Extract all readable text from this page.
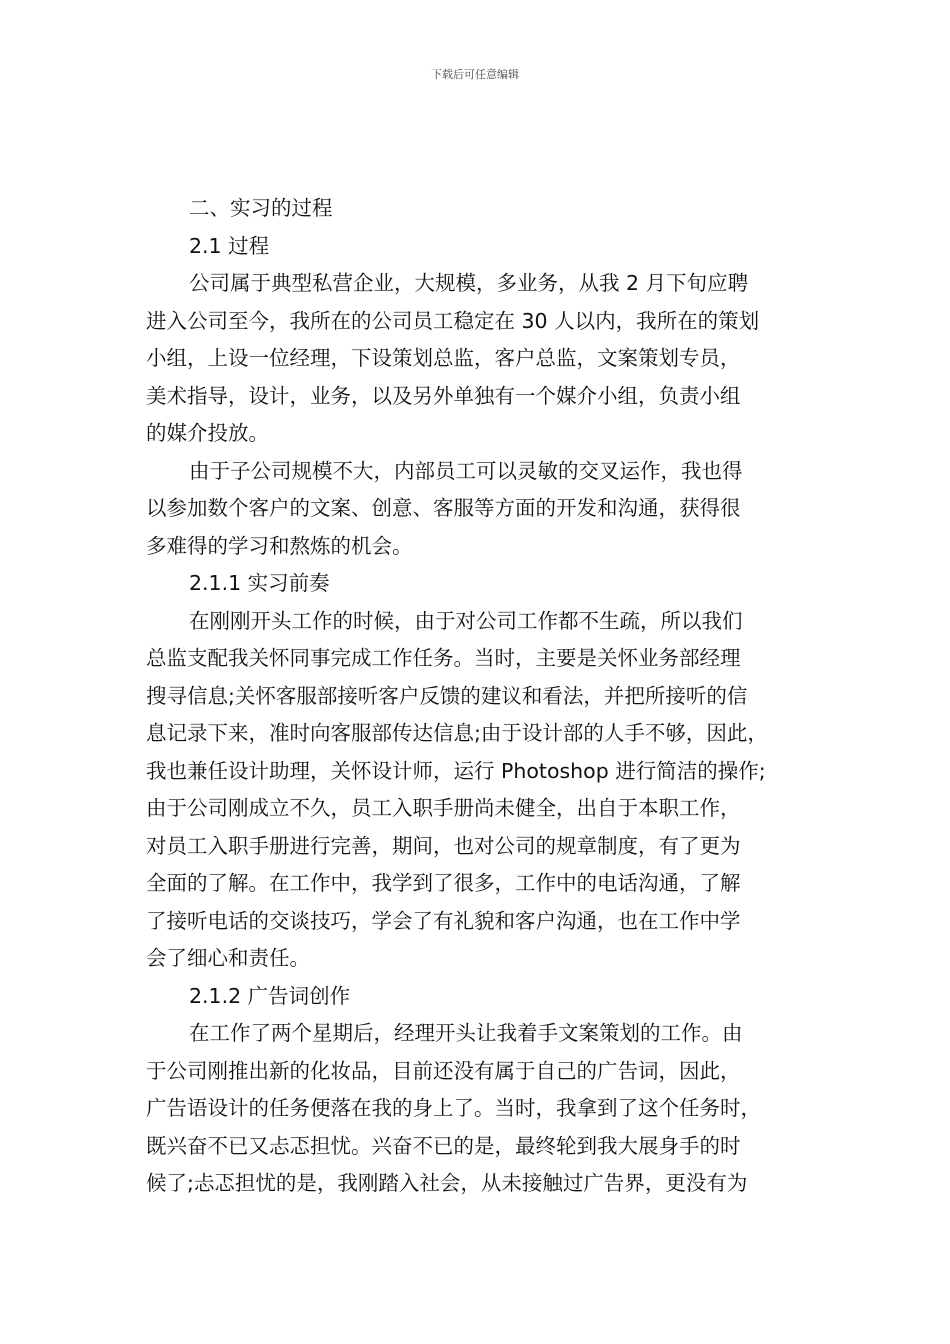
下载后可任意编辑
二、实习的过程
2.1 过程
公司属于典型私营企业，大规模，多业务，从我 2 月下旬应聘
进入公司至今，我所在的公司员工稳定在 30 人以内，我所在的策划
小组，上设一位经理，下设策划总监，客户总监，文案策划专员，
美术指导，设计，业务，以及另外单独有一个媒介小组，负责小组
的媒介投放。
由于子公司规模不大，内部员工可以灵敏的交叉运作，我也得
以参加数个客户的文案、创意、客服等方面的开发和沟通，获得很
多难得的学习和熬炼的机会。
2.1.1 实习前奏
在刚刚开头工作的时候，由于对公司工作都不生疏，所以我们
总监支配我关怀同事完成工作任务。当时，主要是关怀业务部经理
搜寻信息;关怀客服部接听客户反馈的建议和看法，并把所接听的信
息记录下来，准时向客服部传达信息;由于设计部的人手不够，因此，
我也兼任设计助理，关怀设计师，运行 Photoshop 进行简洁的操作;
由于公司刚成立不久，员工入职手册尚未健全，出自于本职工作，
对员工入职手册进行完善，期间，也对公司的规章制度，有了更为
全面的了解。在工作中，我学到了很多，工作中的电话沟通，了解
了接听电话的交谈技巧，学会了有礼貌和客户沟通，也在工作中学
会了细心和责任。
2.1.2 广告词创作
在工作了两个星期后，经理开头让我着手文案策划的工作。由
于公司刚推出新的化妆品，目前还没有属于自己的广告词，因此，
广告语设计的任务便落在我的身上了。当时，我拿到了这个任务时，
既兴奋不已又忐忑担忧。兴奋不已的是，最终轮到我大展身手的时
候了;忐忑担忧的是，我刚踏入社会，从未接触过广告界，更没有为
